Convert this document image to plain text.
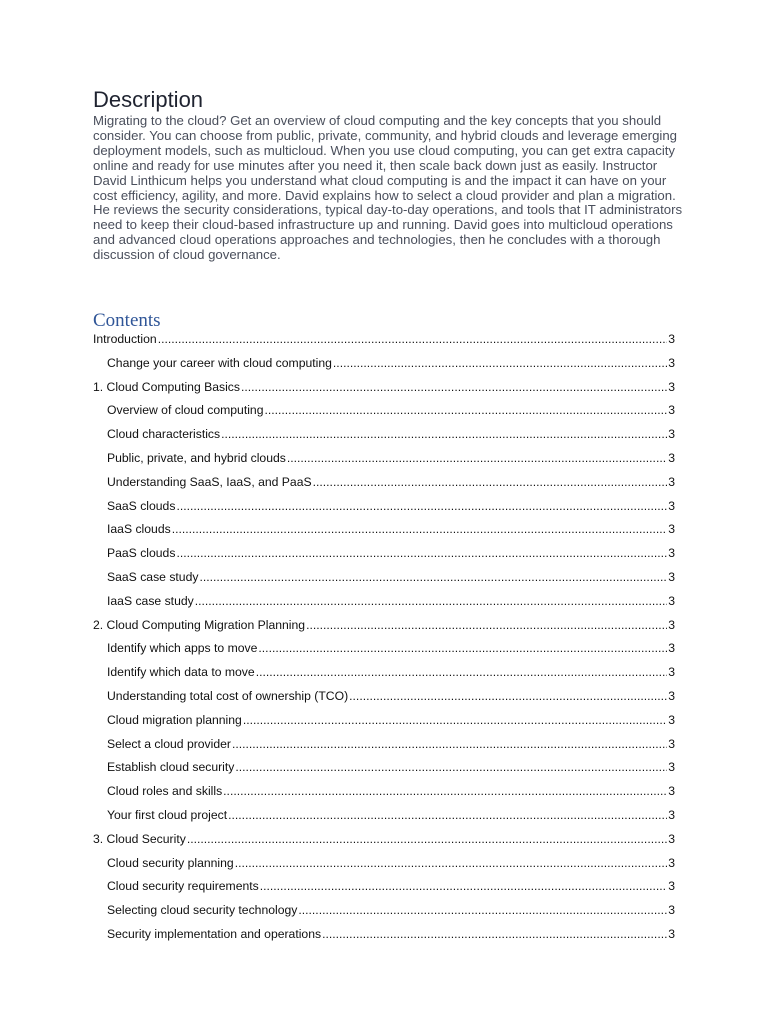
Description

Migrating to the cloud? Get an overview of cloud computing and the key concepts that you should consider. You can choose from public, private, community, and hybrid clouds and leverage emerging deployment models, such as multicloud. When you use cloud computing, you can get extra capacity online and ready for use minutes after you need it, then scale back down just as easily. Instructor David Linthicum helps you understand what cloud computing is and the impact it can have on your cost efficiency, agility, and more. David explains how to select a cloud provider and plan a migration. He reviews the security considerations, typical day-to-day operations, and tools that IT administrators need to keep their cloud-based infrastructure up and running. David goes into multicloud operations and advanced cloud operations approaches and technologies, then he concludes with a thorough discussion of cloud governance.

Contents
Introduction .....	3
Change your career with cloud computing .....	3
1. Cloud Computing Basics .....	3
Overview of cloud computing .....	3
Cloud characteristics .....	3
Public, private, and hybrid clouds .....	3
Understanding SaaS, IaaS, and PaaS .....	3
SaaS clouds .....	3
IaaS clouds .....	3
PaaS clouds .....	3
SaaS case study .....	3
IaaS case study .....	3
2. Cloud Computing Migration Planning .....	3
Identify which apps to move .....	3
Identify which data to move .....	3
Understanding total cost of ownership (TCO) .....	3
Cloud migration planning .....	3
Select a cloud provider .....	3
Establish cloud security .....	3
Cloud roles and skills .....	3
Your first cloud project .....	3
3. Cloud Security .....	3
Cloud security planning .....	3
Cloud security requirements .....	3
Selecting cloud security technology .....	3
Security implementation and operations .....	3
